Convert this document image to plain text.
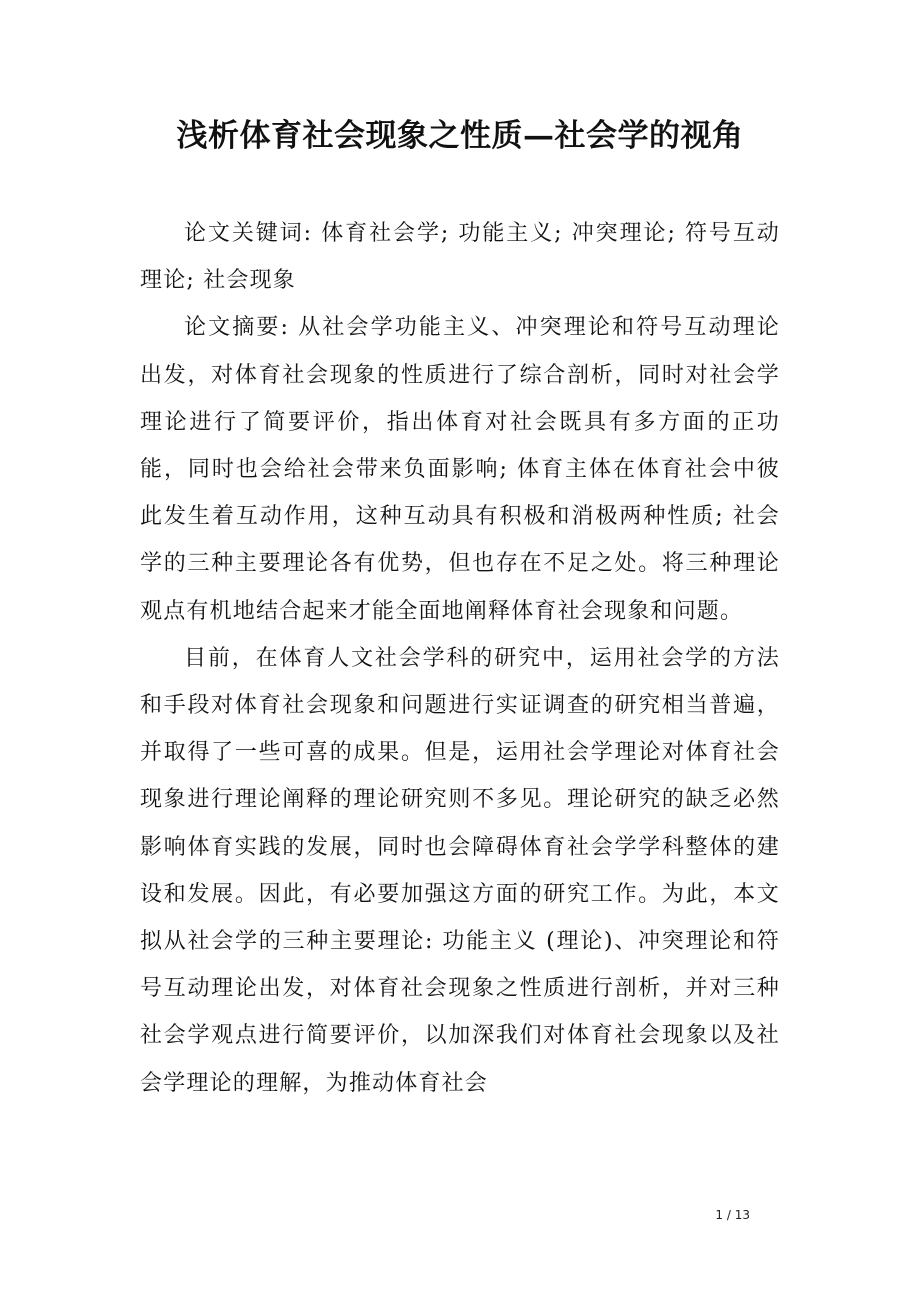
浅析体育社会现象之性质—社会学的视角

论文关键词: 体育社会学; 功能主义; 冲突理论; 符号互动理论; 社会现象

论文摘要: 从社会学功能主义、冲突理论和符号互动理论出发，对体育社会现象的性质进行了综合剖析，同时对社会学理论进行了简要评价，指出体育对社会既具有多方面的正功能，同时也会给社会带来负面影响; 体育主体在体育社会中彼此发生着互动作用，这种互动具有积极和消极两种性质; 社会学的三种主要理论各有优势，但也存在不足之处。将三种理论观点有机地结合起来才能全面地阐释体育社会现象和问题。

目前，在体育人文社会学科的研究中，运用社会学的方法和手段对体育社会现象和问题进行实证调查的研究相当普遍，并取得了一些可喜的成果。但是，运用社会学理论对体育社会现象进行理论阐释的理论研究则不多见。理论研究的缺乏必然影响体育实践的发展，同时也会障碍体育社会学学科整体的建设和发展。因此，有必要加强这方面的研究工作。为此，本文拟从社会学的三种主要理论: 功能主义 (理论)、冲突理论和符号互动理论出发，对体育社会现象之性质进行剖析，并对三种社会学观点进行简要评价，以加深我们对体育社会现象以及社会学理论的理解，为推动体育社会

1 / 13
